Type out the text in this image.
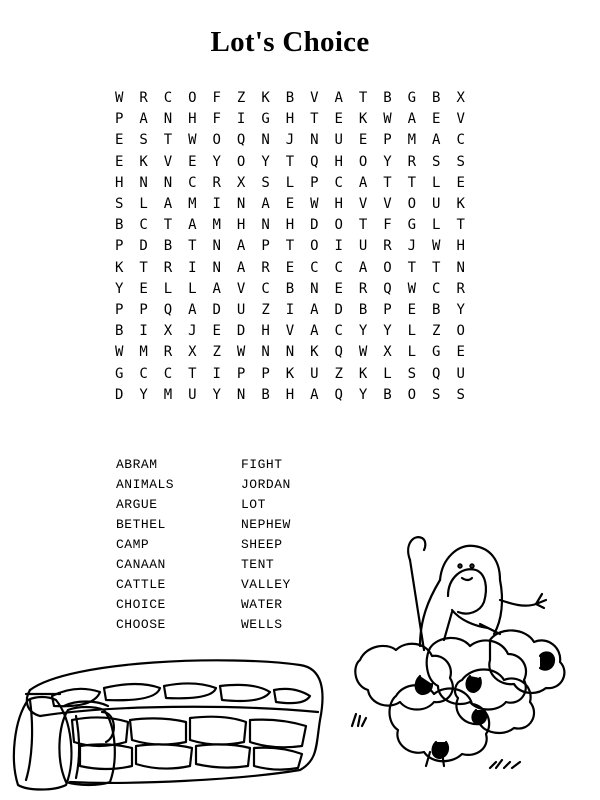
Lot's Choice
W	R	C	O	F	Z	K	B	V	A	T	B	G	B	X
P	A	N	H	F	I	G	H	T	E	K	W	A	E	V
E	S	T	W	O	Q	N	J	N	U	E	P	M	A	C
E	K	V	E	Y	O	Y	T	Q	H	O	Y	R	S	S
H	N	N	C	R	X	S	L	P	C	A	T	T	L	E
S	L	A	M	I	N	A	E	W	H	V	V	O	U	K
B	C	T	A	M	H	N	H	D	O	T	F	G	L	T
P	D	B	T	N	A	P	T	O	I	U	R	J	W	H
K	T	R	I	N	A	R	E	C	C	A	O	T	T	N
Y	E	L	L	A	V	C	B	N	E	R	Q	W	C	R
P	P	Q	A	D	U	Z	I	A	D	B	P	E	B	Y
B	I	X	J	E	D	H	V	A	C	Y	Y	L	Z	O
W	M	R	X	Z	W	N	N	K	Q	W	X	L	G	E
G	C	C	T	I	P	P	K	U	Z	K	L	S	Q	U
D	Y	M	U	Y	N	B	H	A	Q	Y	B	O	S	S
ABRAM
ANIMALS
ARGUE
BETHEL
CAMP
CANAAN
CATTLE
CHOICE
CHOOSE
FIGHT
JORDAN
LOT
NEPHEW
SHEEP
TENT
VALLEY
WATER
WELLS
